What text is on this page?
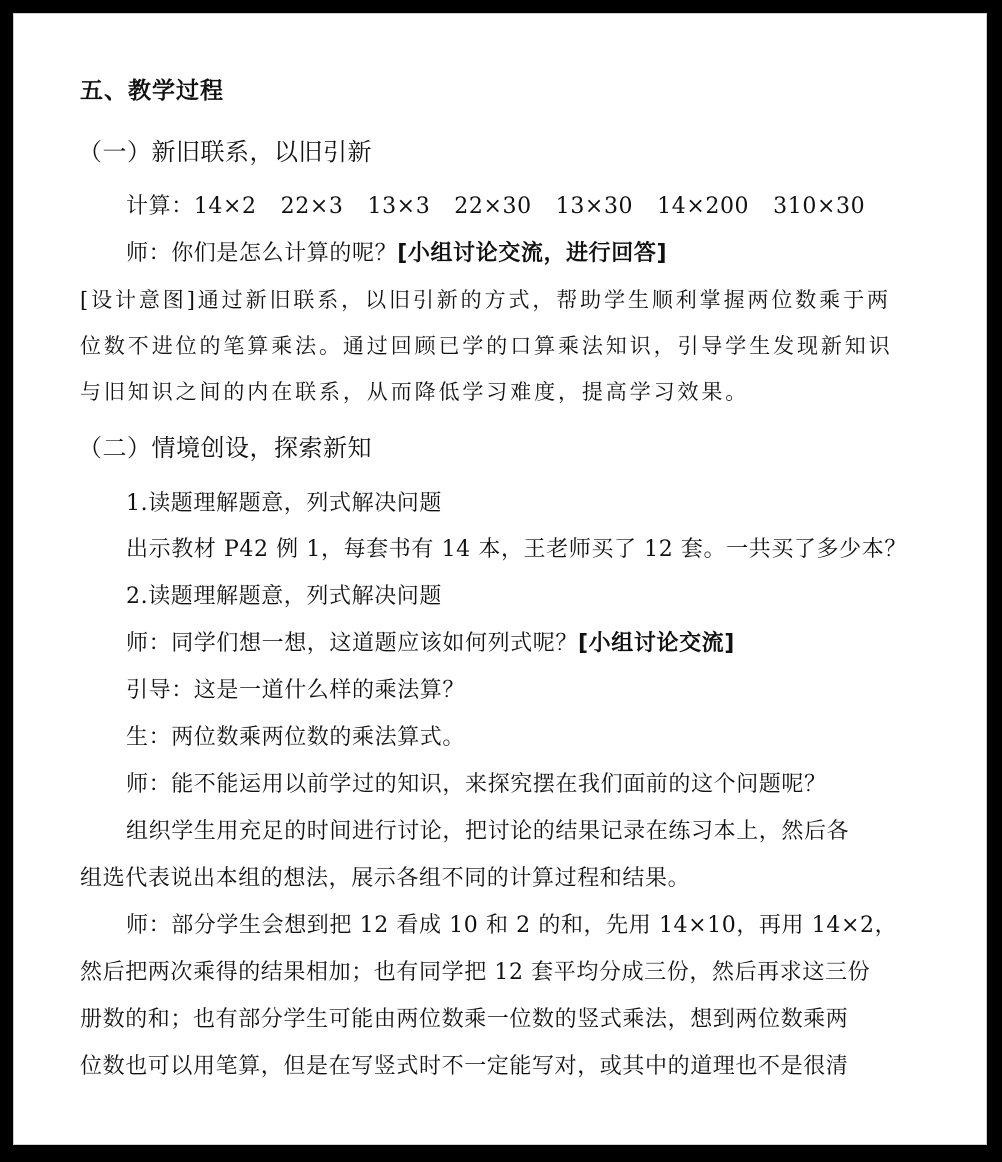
五、教学过程
（一）新旧联系，以旧引新
计算：14×2 22×3 13×3 22×30 13×30 14×200 310×30
师：你们是怎么计算的呢？[小组讨论交流，进行回答]
[设计意图]通过新旧联系，以旧引新的方式，帮助学生顺利掌握两位数乘于两
位数不进位的笔算乘法。通过回顾已学的口算乘法知识，引导学生发现新知识
与旧知识之间的内在联系，从而降低学习难度，提高学习效果。
（二）情境创设，探索新知
1.读题理解题意，列式解决问题
出示教材 P42 例 1，每套书有 14 本，王老师买了 12 套。一共买了多少本？
2.读题理解题意，列式解决问题
师：同学们想一想，这道题应该如何列式呢？[小组讨论交流]
引导：这是一道什么样的乘法算？
生：两位数乘两位数的乘法算式。
师：能不能运用以前学过的知识，来探究摆在我们面前的这个问题呢？
组织学生用充足的时间进行讨论，把讨论的结果记录在练习本上，然后各
组选代表说出本组的想法，展示各组不同的计算过程和结果。
师：部分学生会想到把 12 看成 10 和 2 的和，先用 14×10，再用 14×2，
然后把两次乘得的结果相加；也有同学把 12 套平均分成三份，然后再求这三份
册数的和；也有部分学生可能由两位数乘一位数的竖式乘法，想到两位数乘两
位数也可以用笔算，但是在写竖式时不一定能写对，或其中的道理也不是很清
